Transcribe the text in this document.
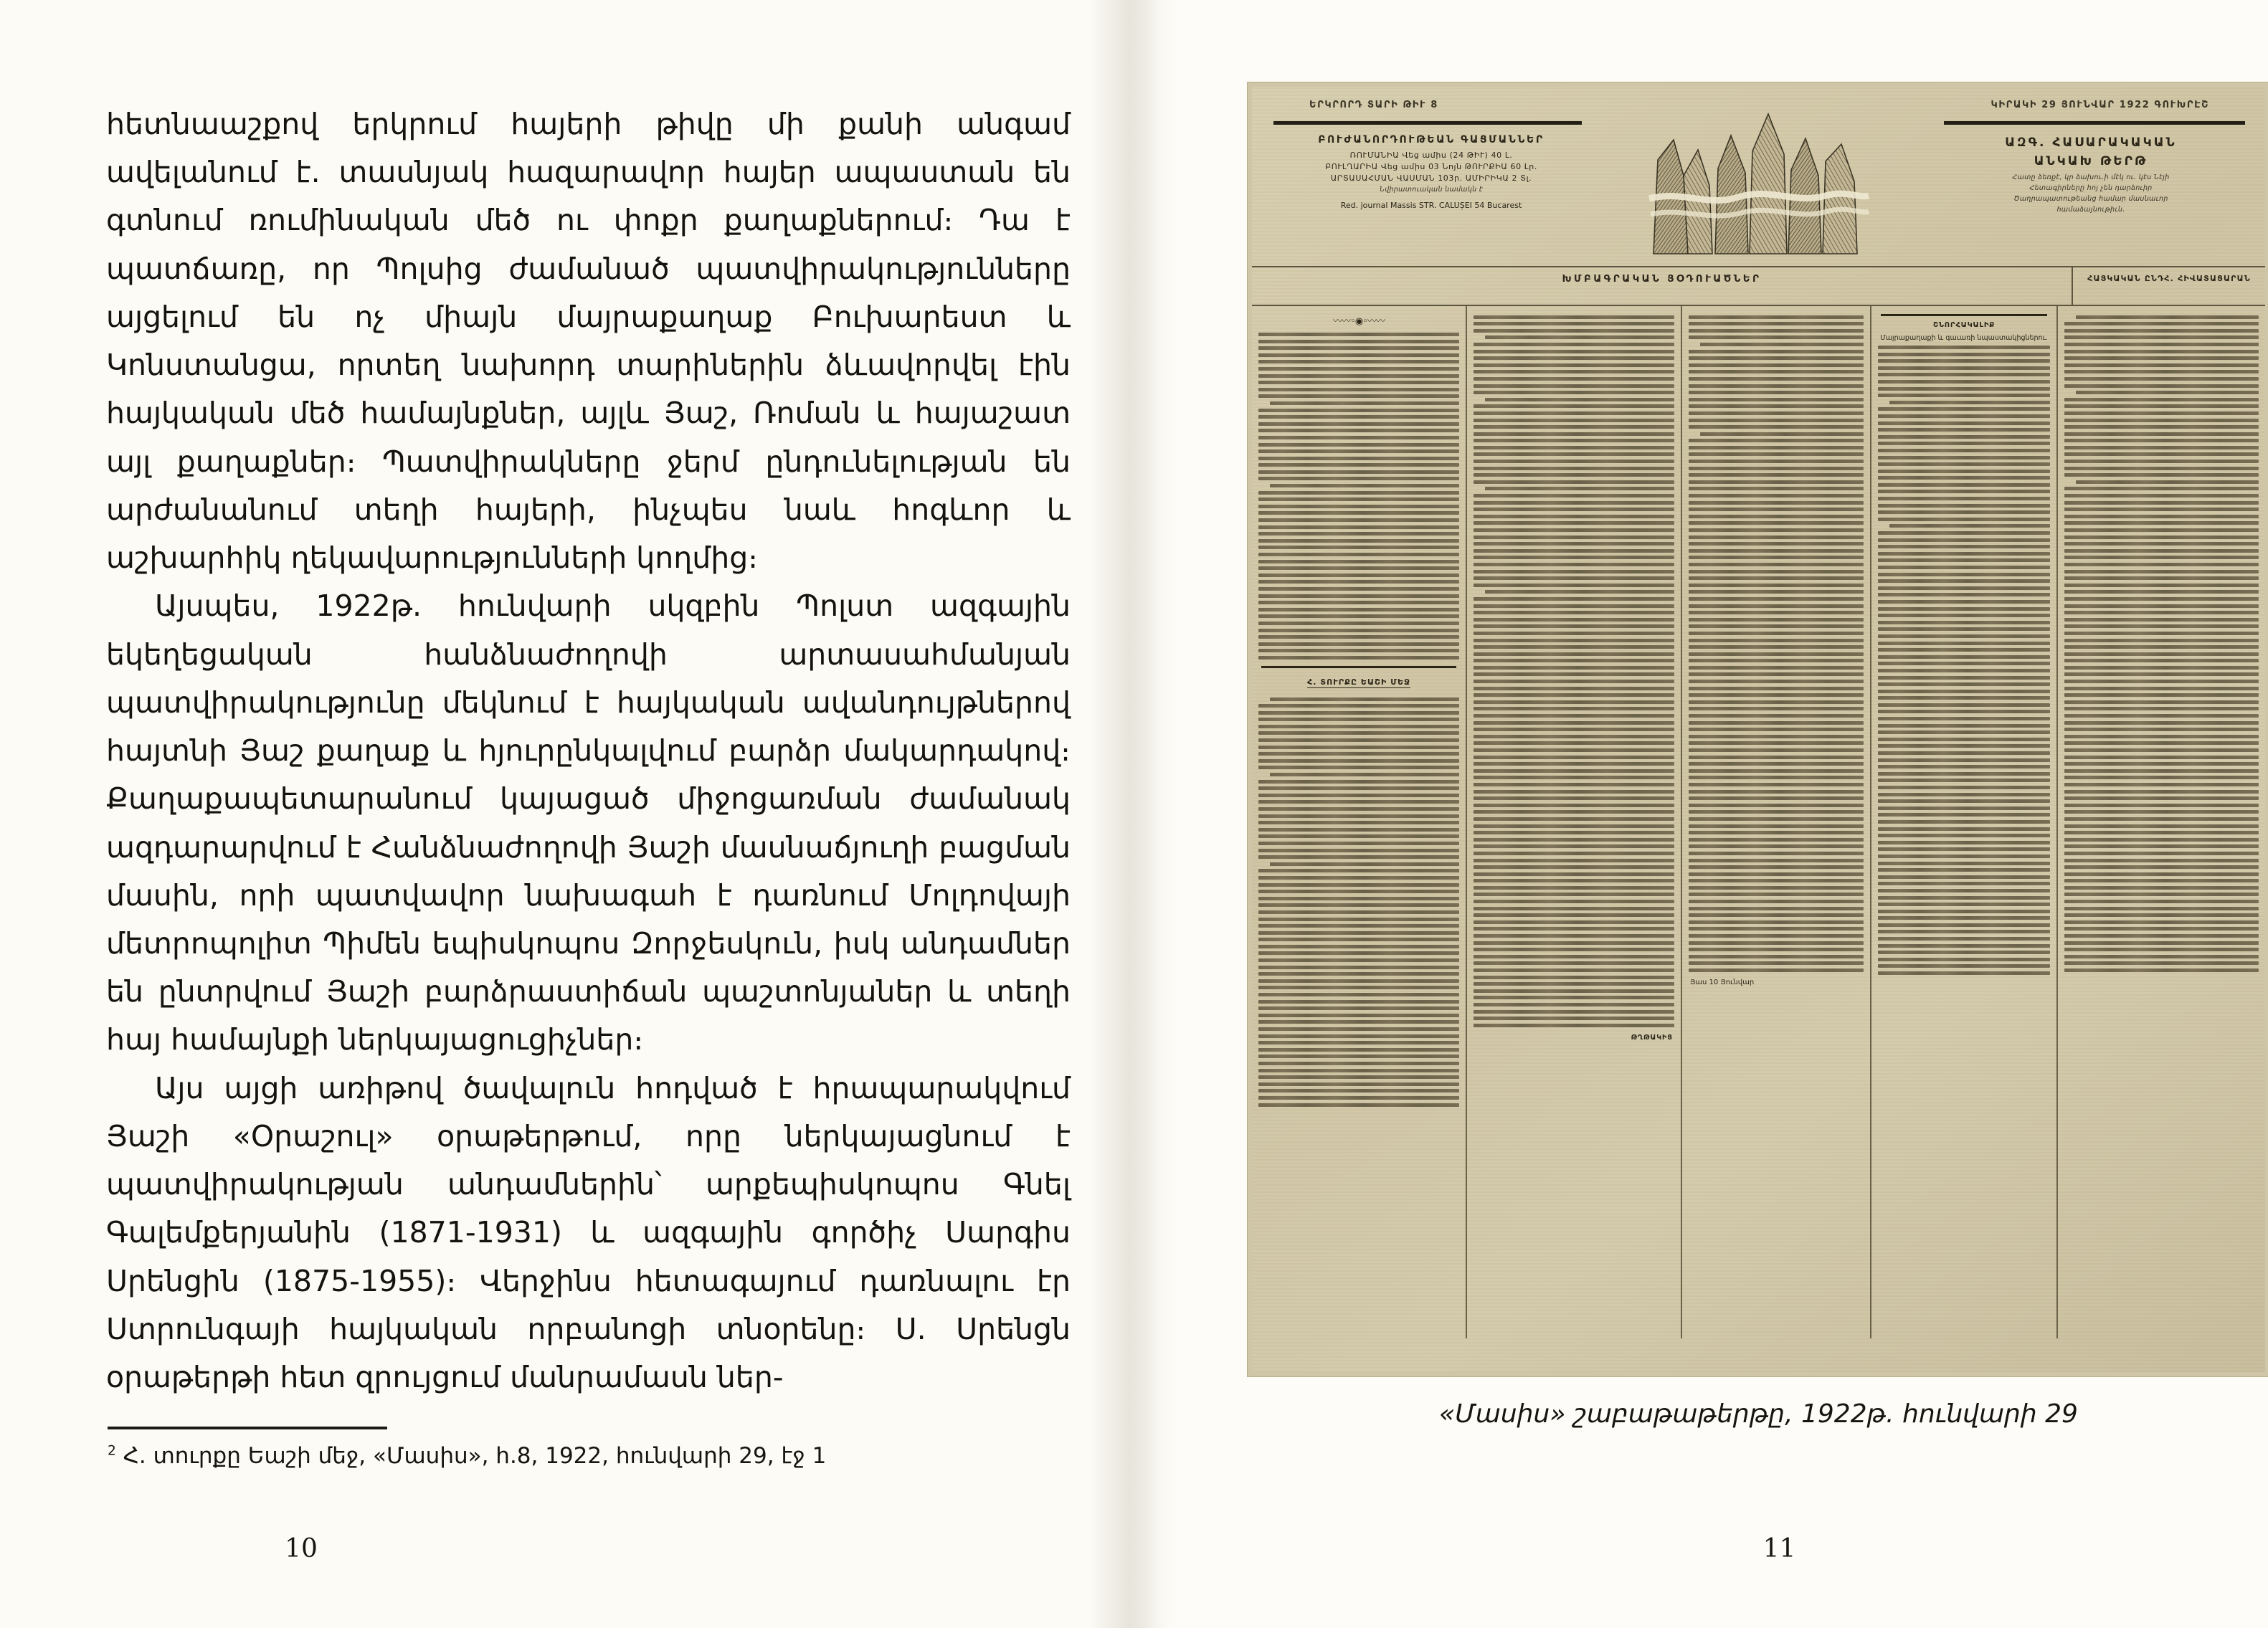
հետնաաշքով երկրում հայերի թիվը մի քանի անգամ ավելանում է. տասնյակ հազարավոր հայեր ապաստան են գտնում ռումինական մեծ ու փոքր քաղաքներում։ Դա է պատճառը, որ Պոլսից ժամանած պատվիրակությունները այցելում են ոչ միայն մայրաքաղաք Բուխարեստ և Կոնստանցա, որտեղ նախորդ տարիներին ձևավորվել էին հայկական մեծ համայնքներ, այլև Յաշ, Ռոման և հայաշատ այլ քաղաքներ։ Պատվիրակները ջերմ ընդունելության են արժանանում տեղի հայերի, ինչպես նաև հոգևոր և աշխարհիկ ղեկավարությունների կողմից։

Այսպես, 1922թ. հունվարի սկզբին Պոլստ ազգային եկեղեցական հանձնաժողովի արտասահմանյան պատվիրակությունը մեկնում է հայկական ավանդույթներով հայտնի Յաշ քաղաք և հյուրընկալվում բարձր մակարդակով։ Քաղաքապետարանում կայացած միջոցառման ժամանակ ազդարարվում է Հանձնաժողովի Յաշի մասնաճյուղի բացման մասին, որի պատվավոր նախագահ է դառնում Մոլդովայի մետրոպոլիտ Պիմեն եպիսկոպոս Զորջեսկուն, իսկ անդամներ են ընտրվում Յաշի բարձրաստիճան պաշտոնյաներ և տեղի հայ համայնքի ներկայացուցիչներ։

Այս այցի առիթով ծավալուն հոդված է հրապարակվում Յաշի «Օրաշուլ» օրաթերթում, որը ներկայացնում է պատվիրակության անդամներին՝ արքեպիսկոպոս Գնել Գալեմքերյանին (1871-1931) և ազգային գործիչ Սարգիս Սրենցին (1875-1955)։ Վերջինս հետագայում դառնալու էր Ստրունգայի հայկական որբանոցի տնօրենը։ Ս. Սրենցն օրաթերթի հետ զրույցում մանրամասն ներ-

$^2$ Հ. տուրքը Եաշի մեջ, «Մասիս», հ.8, 1922, հունվարի 29, էջ 1
10
ԵՐԿՐՈՐԴ ՏԱՐԻ ԹԻՒ 8	ԿԻՐԱԿԻ 29 ՅՈՒՆՎԱՐ 1922 ԳՈՒԽՐԷՇ
ԲՈՒԺԱՆՈՐԴՈՒԹԵԱՆ ԳԱՑՄԱՆՆԵՐ
ՌՈՒՄԱՆԻԱ Վեց ամիս (24 ԹԻՒ) 40 Լ.
ԲՈՒԼՂԱՐԻԱ Վեց ամիս 03 Նոյն ԹՈՒՐՔԻԱ 60 Լր.
ԱՐՏԱՍԱՀՄԱՆ ՎԱՍՄԱՆ 103ր. ԱՄԻՐԻԿԱ 2 Տլ.
Նվիրատուական նամակն է
Red. journal Massis STR. CALUȘEI 54 Bucarest
ԱԶԳ. ՀԱՍԱՐԱԿԱԿԱՆ
ԱՆԿԱԽ ԹԵՐԹ
Հատը ձեռքէ, կր ձախու.ի մէկ ու. կէս Նէյի
Հետագիրները հոյ չեն դարձուիր
Ծաղրապատութեանց համար մասնաւոր
համաձայնութիւն.
ԽՄԲԱԳՐԱԿԱՆ ՅՕԴՈՒԱԾՆԵՐ	ՀԱՅԿԱԿԱՆ ԸՆԴՀ. ՀԻՎԱՏԱՑԱՐԱՆ
〰〰◦◉◦〰〰
Հ. ՏՈՒՐՔԸ ԵԱՇԻ ՄԵՋ
ԹՂԹԱԿԻՑ
Յաս 10 Յունվար
ՇՆՈՐՀԱԿԱԼԻՔ
Մայրաքաղաքի և գաւառի նպաստակիցներու.
«Մասիս» շաբաթաթերթը, 1922թ. հունվարի 29
11
